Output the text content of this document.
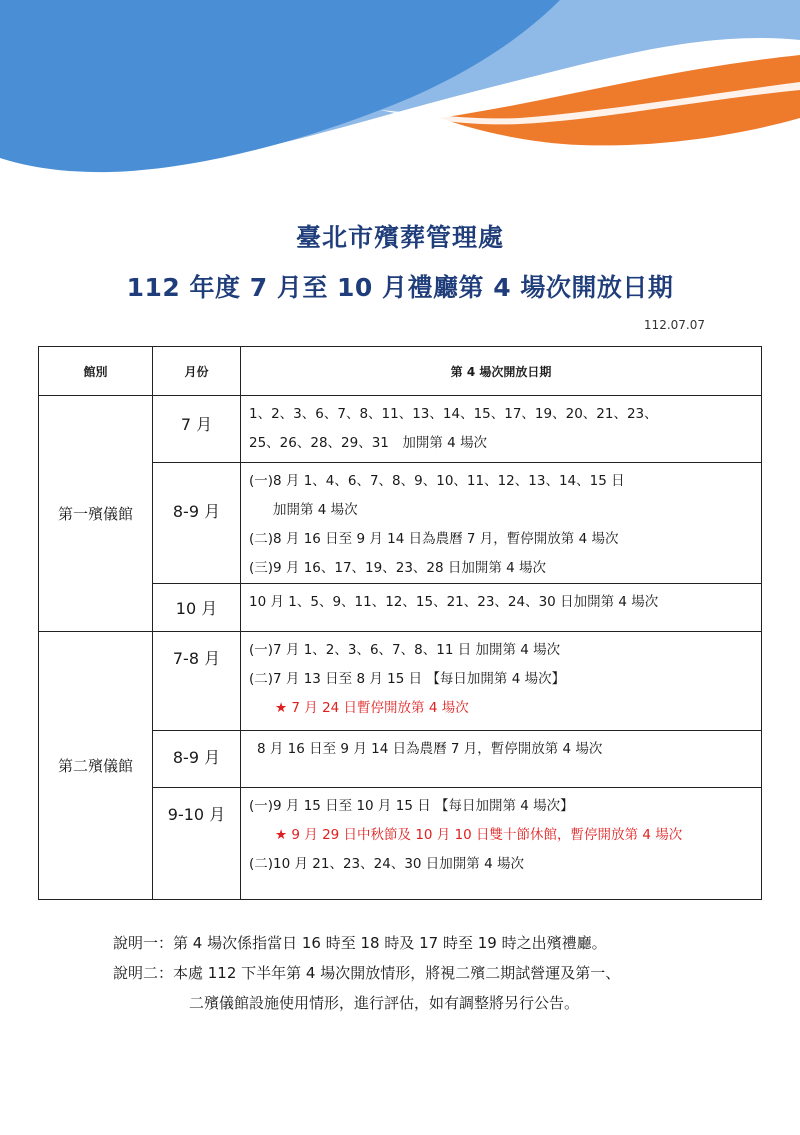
臺北市殯葬管理處
112 年度 7 月至 10 月禮廳第 4 場次開放日期
112.07.07
館別	月份	第 4 場次開放日期
第一殯儀館	7 月	1、2、3、6、7、8、11、13、14、15、17、19、20、21、23、
25、26、28、29、31　加開第 4 場次

	8-9 月	(一)8 月 1、4、6、7、8、9、10、11、12、13、14、15 日
加開第 4 場次
(二)8 月 16 日至 9 月 14 日為農曆 7 月，暫停開放第 4 場次
(三)9 月 16、17、19、23、28 日加開第 4 場次

	10 月	10 月 1、5、9、11、12、15、21、23、24、30 日加開第 4 場次

第二殯儀館	7-8 月	(一)7 月 1、2、3、6、7、8、11 日 加開第 4 場次
(二)7 月 13 日至 8 月 15 日 【每日加開第 4 場次】
★ 7 月 24 日暫停開放第 4 場次

	8-9 月	8 月 16 日至 9 月 14 日為農曆 7 月，暫停開放第 4 場次

	9-10 月	(一)9 月 15 日至 10 月 15 日 【每日加開第 4 場次】
★ 9 月 29 日中秋節及 10 月 10 日雙十節休館，暫停開放第 4 場次
(二)10 月 21、23、24、30 日加開第 4 場次
說明一：第 4 場次係指當日 16 時至 18 時及 17 時至 19 時之出殯禮廳。
說明二：本處 112 下半年第 4 場次開放情形，將視二殯二期試營運及第一、
二殯儀館設施使用情形，進行評估，如有調整將另行公告。
